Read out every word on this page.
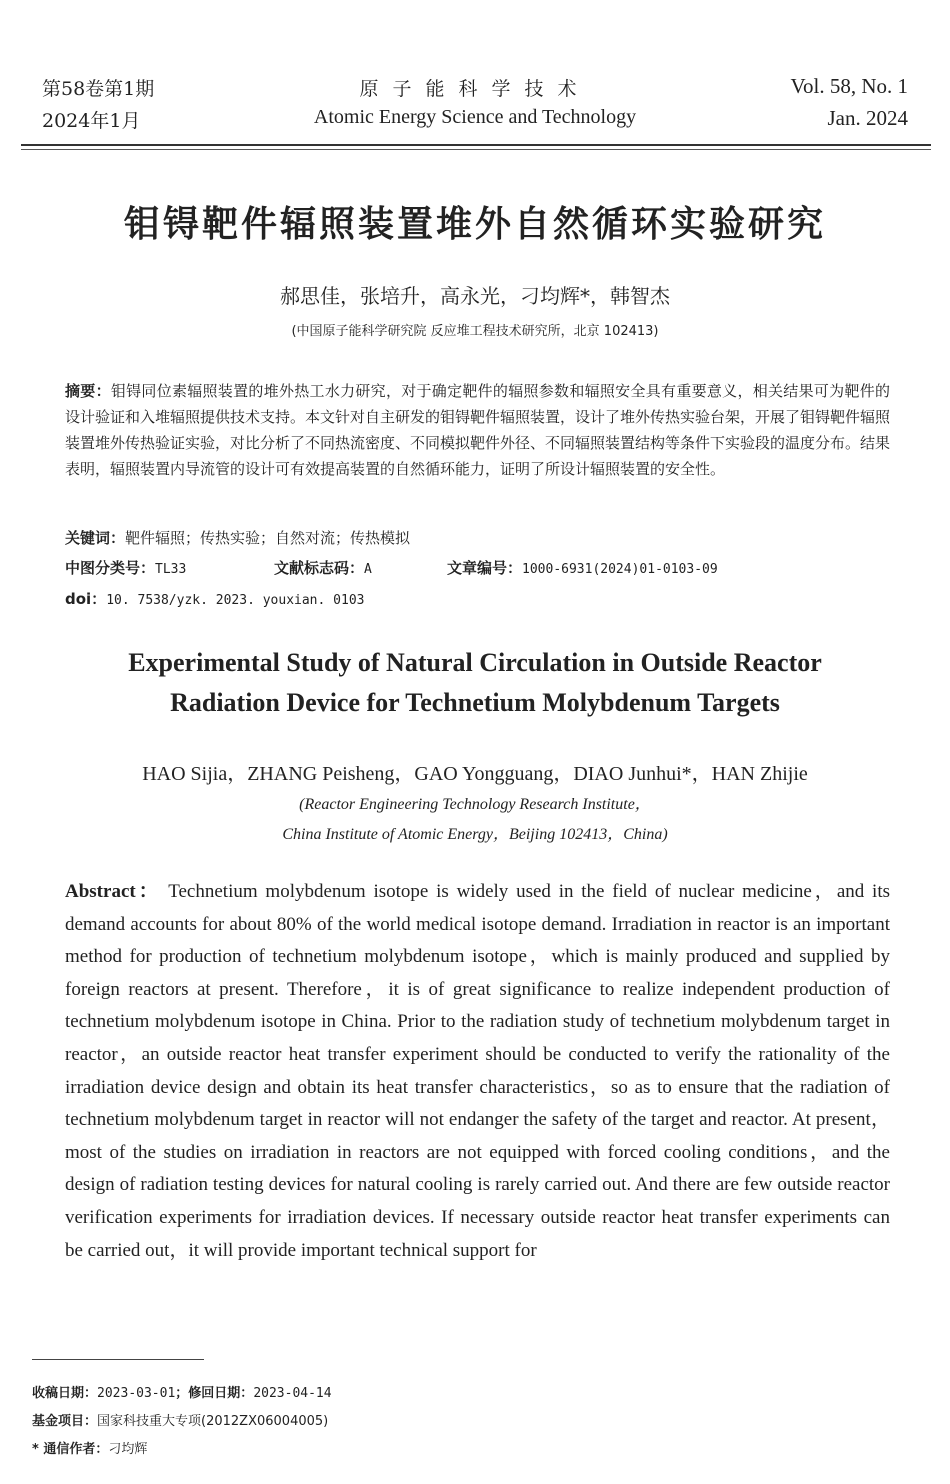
第58卷第1期
2024年1月
原子能科学技术
Atomic Energy Science and Technology
Vol. 58, No. 1
Jan. 2024
钼锝靶件辐照装置堆外自然循环实验研究
郝思佳，张培升，高永光，刁均辉*，韩智杰
(中国原子能科学研究院 反应堆工程技术研究所，北京 102413)
摘要：钼锝同位素辐照装置的堆外热工水力研究，对于确定靶件的辐照参数和辐照安全具有重要意义，相关结果可为靶件的设计验证和入堆辐照提供技术支持。本文针对自主研发的钼锝靶件辐照装置，设计了堆外传热实验台架，开展了钼锝靶件辐照装置堆外传热验证实验，对比分析了不同热流密度、不同模拟靶件外径、不同辐照装置结构等条件下实验段的温度分布。结果表明，辐照装置内导流管的设计可有效提高装置的自然循环能力，证明了所设计辐照装置的安全性。
关键词：靶件辐照；传热实验；自然对流；传热模拟
中图分类号：TL33	文献标志码：A	文章编号：1000-6931(2024)01-0103-09
doi：10. 7538/yzk. 2023. youxian. 0103
Experimental Study of Natural Circulation in Outside Reactor
Radiation Device for Technetium Molybdenum Targets
HAO Sijia，ZHANG Peisheng，GAO Yongguang，DIAO Junhui*，HAN Zhijie
(Reactor Engineering Technology Research Institute，
China Institute of Atomic Energy，Beijing 102413，China)
Abstract： Technetium molybdenum isotope is widely used in the field of nuclear medicine，and its demand accounts for about 80% of the world medical isotope demand. Irradiation in reactor is an important method for production of technetium molybdenum isotope，which is mainly produced and supplied by foreign reactors at present. Therefore，it is of great significance to realize independent production of technetium molybdenum isotope in China. Prior to the radiation study of technetium molybdenum target in reactor，an outside reactor heat transfer experiment should be conducted to verify the rationality of the irradiation device design and obtain its heat transfer characteristics，so as to ensure that the radiation of technetium molybdenum target in reactor will not endanger the safety of the target and reactor. At present，most of the studies on irradiation in reactors are not equipped with forced cooling conditions，and the design of radiation testing devices for natural cooling is rarely carried out. And there are few outside reactor verification experiments for irradiation devices. If necessary outside reactor heat transfer experiments can be carried out，it will provide important technical support for
收稿日期：2023-03-01；修回日期：2023-04-14
基金项目：国家科技重大专项(2012ZX06004005)
* 通信作者：刁均辉
